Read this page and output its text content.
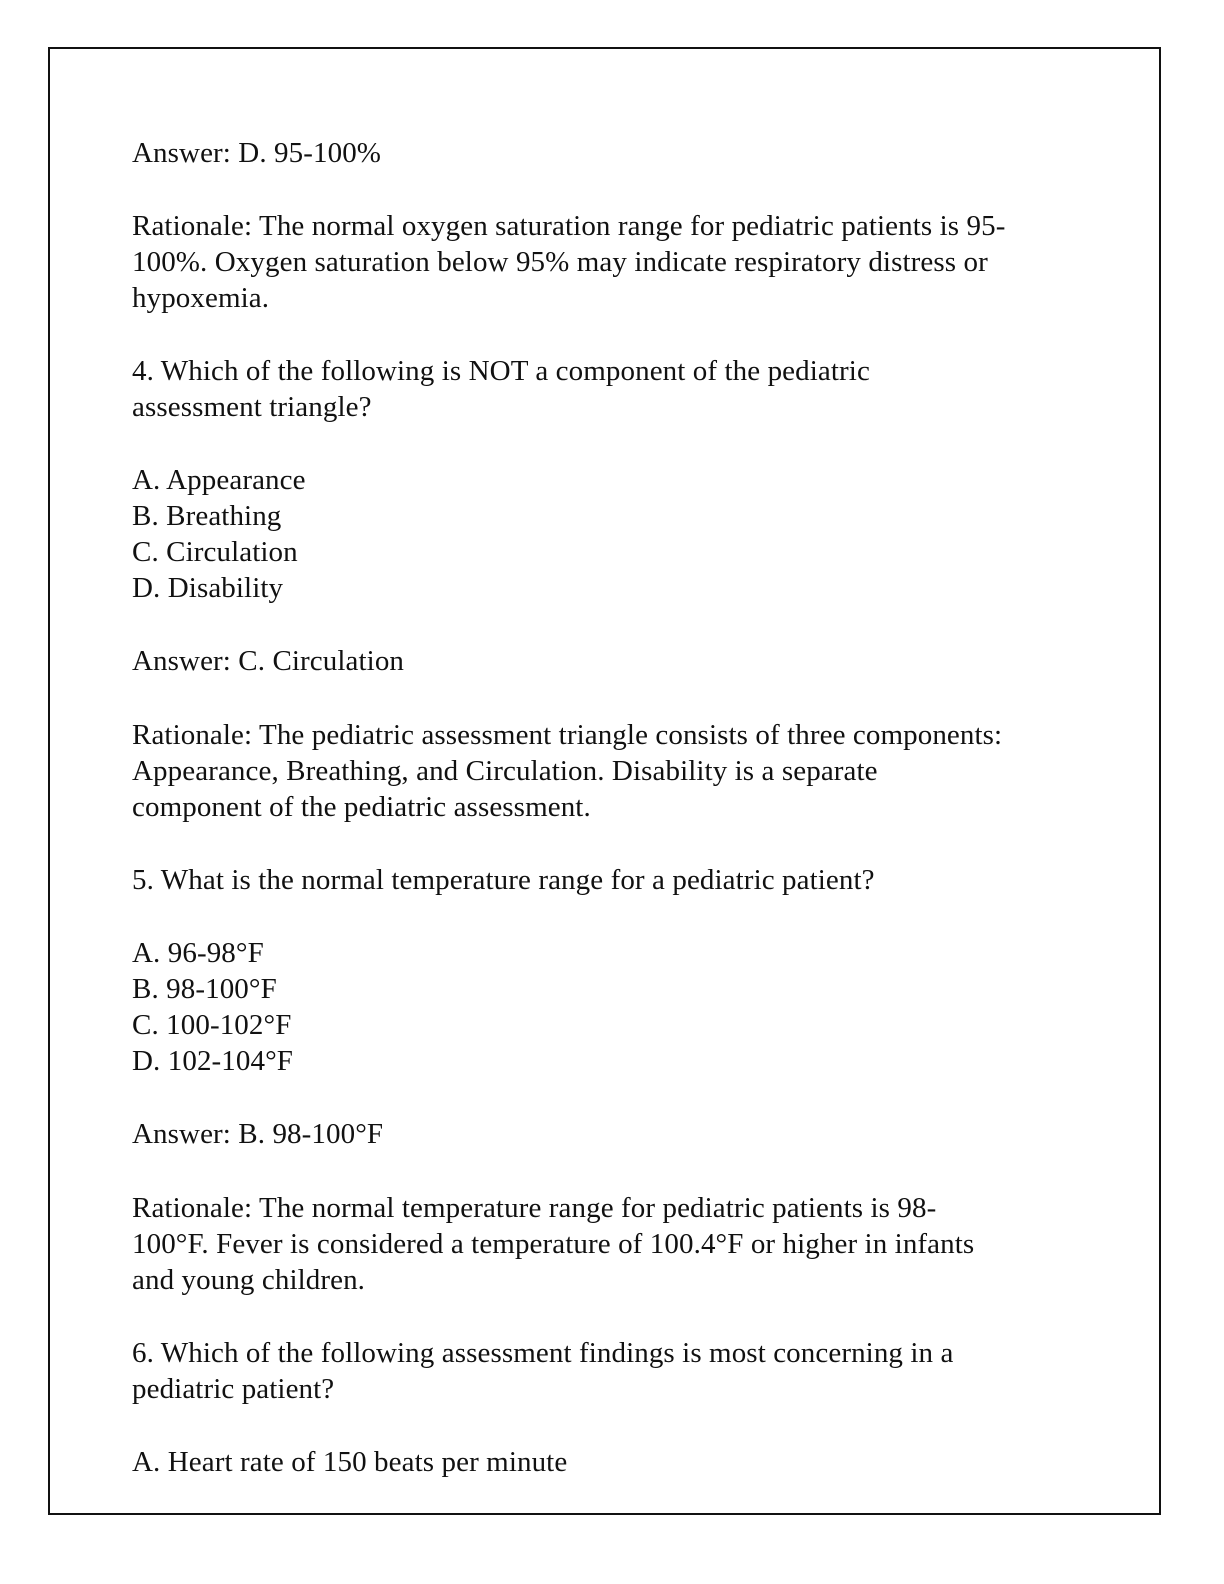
Answer: D. 95-100%
Rationale: The normal oxygen saturation range for pediatric patients is 95-
100%. Oxygen saturation below 95% may indicate respiratory distress or
hypoxemia.
4. Which of the following is NOT a component of the pediatric
assessment triangle?
A. Appearance
B. Breathing
C. Circulation
D. Disability
Answer: C. Circulation
Rationale: The pediatric assessment triangle consists of three components:
Appearance, Breathing, and Circulation. Disability is a separate
component of the pediatric assessment.
5. What is the normal temperature range for a pediatric patient?
A. 96-98°F
B. 98-100°F
C. 100-102°F
D. 102-104°F
Answer: B. 98-100°F
Rationale: The normal temperature range for pediatric patients is 98-
100°F. Fever is considered a temperature of 100.4°F or higher in infants
and young children.
6. Which of the following assessment findings is most concerning in a
pediatric patient?
A. Heart rate of 150 beats per minute
